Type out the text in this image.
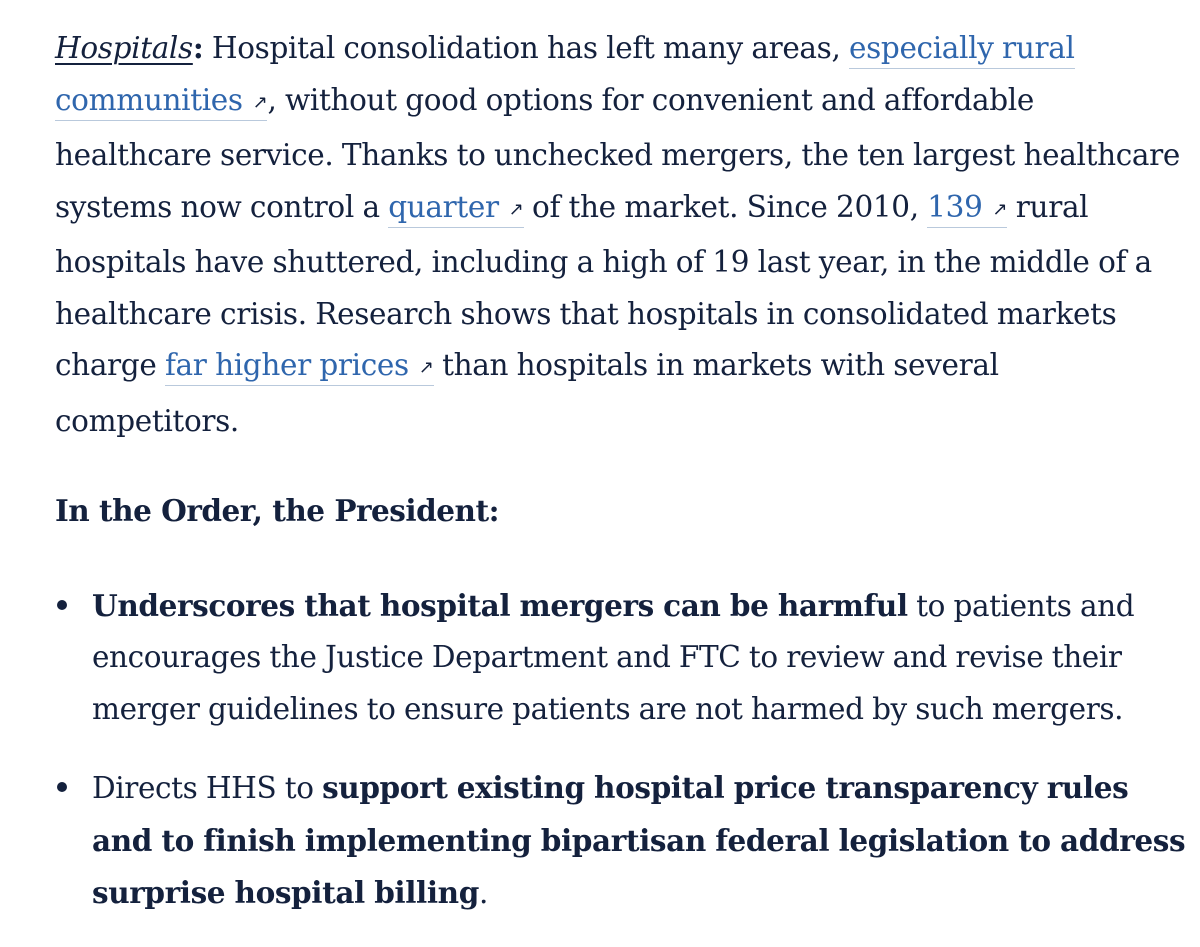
Hospitals: Hospital consolidation has left many areas, especially rural communities ↗, without good options for convenient and affordable healthcare service. Thanks to unchecked mergers, the ten largest healthcare systems now control a quarter ↗ of the market. Since 2010, 139 ↗ rural hospitals have shuttered, including a high of 19 last year, in the middle of a healthcare crisis. Research shows that hospitals in consolidated markets charge far higher prices ↗ than hospitals in markets with several competitors.

In the Order, the President:

Underscores that hospital mergers can be harmful to patients and encourages the Justice Department and FTC to review and revise their merger guidelines to ensure patients are not harmed by such mergers.
Directs HHS to support existing hospital price transparency rules and to finish implementing bipartisan federal legislation to address surprise hospital billing.
